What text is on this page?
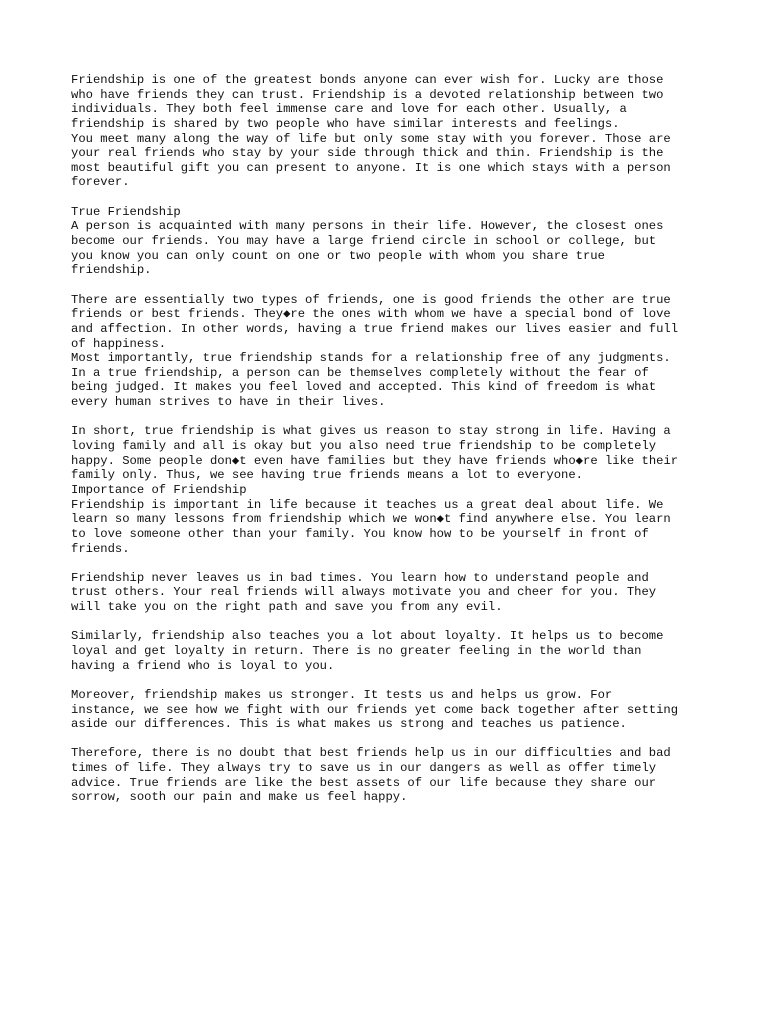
Friendship is one of the greatest bonds anyone can ever wish for. Lucky are those
who have friends they can trust. Friendship is a devoted relationship between two
individuals. They both feel immense care and love for each other. Usually, a
friendship is shared by two people who have similar interests and feelings.
You meet many along the way of life but only some stay with you forever. Those are
your real friends who stay by your side through thick and thin. Friendship is the
most beautiful gift you can present to anyone. It is one which stays with a person
forever.
True Friendship
A person is acquainted with many persons in their life. However, the closest ones
become our friends. You may have a large friend circle in school or college, but
you know you can only count on one or two people with whom you share true
friendship.
There are essentially two types of friends, one is good friends the other are true
friends or best friends. They◆re the ones with whom we have a special bond of love
and affection. In other words, having a true friend makes our lives easier and full
of happiness.
Most importantly, true friendship stands for a relationship free of any judgments.
In a true friendship, a person can be themselves completely without the fear of
being judged. It makes you feel loved and accepted. This kind of freedom is what
every human strives to have in their lives.
In short, true friendship is what gives us reason to stay strong in life. Having a
loving family and all is okay but you also need true friendship to be completely
happy. Some people don◆t even have families but they have friends who◆re like their
family only. Thus, we see having true friends means a lot to everyone.
Importance of Friendship
Friendship is important in life because it teaches us a great deal about life. We
learn so many lessons from friendship which we won◆t find anywhere else. You learn
to love someone other than your family. You know how to be yourself in front of
friends.
Friendship never leaves us in bad times. You learn how to understand people and
trust others. Your real friends will always motivate you and cheer for you. They
will take you on the right path and save you from any evil.
Similarly, friendship also teaches you a lot about loyalty. It helps us to become
loyal and get loyalty in return. There is no greater feeling in the world than
having a friend who is loyal to you.
Moreover, friendship makes us stronger. It tests us and helps us grow. For
instance, we see how we fight with our friends yet come back together after setting
aside our differences. This is what makes us strong and teaches us patience.
Therefore, there is no doubt that best friends help us in our difficulties and bad
times of life. They always try to save us in our dangers as well as offer timely
advice. True friends are like the best assets of our life because they share our
sorrow, sooth our pain and make us feel happy.
